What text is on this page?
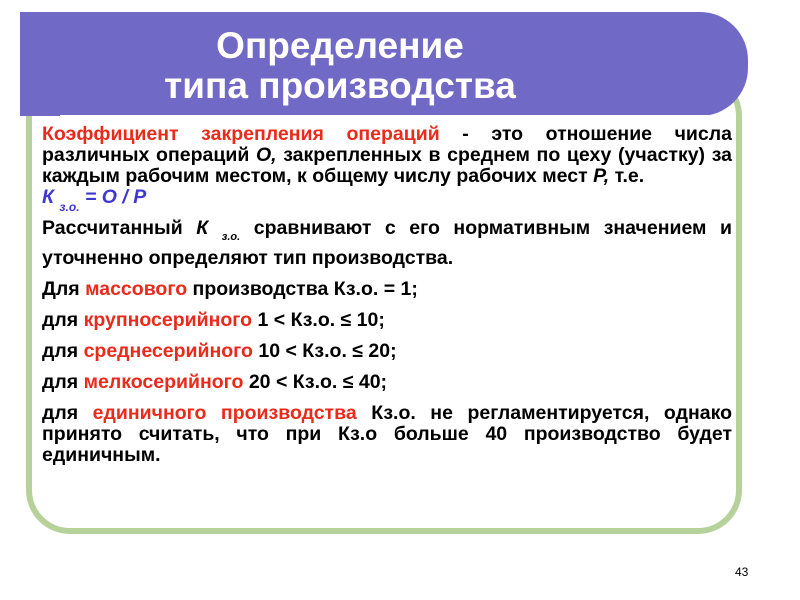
Определение
типа производства

Коэффициент закрепления операций - это отношение числа различных операций О, закрепленных в среднем по цеху (участку) за каждым рабочим местом, к общему числу рабочих мест Р, т.е.                 К $_{з.о.}$ = О / Р

Рассчитанный К $_{з.о.}$ сравнивают с его нормативным значением и уточненно определяют тип производства.

Для массового производства Кз.о. = 1;

для крупносерийного 1 < Кз.о. ≤ 10;

для среднесерийного 10 < Кз.о. ≤ 20;

для мелкосерийного 20 < Кз.о. ≤ 40;

для единичного производства Кз.о. не регламентируется, однако принято считать, что при Кз.о больше 40 производство будет единичным.

43
